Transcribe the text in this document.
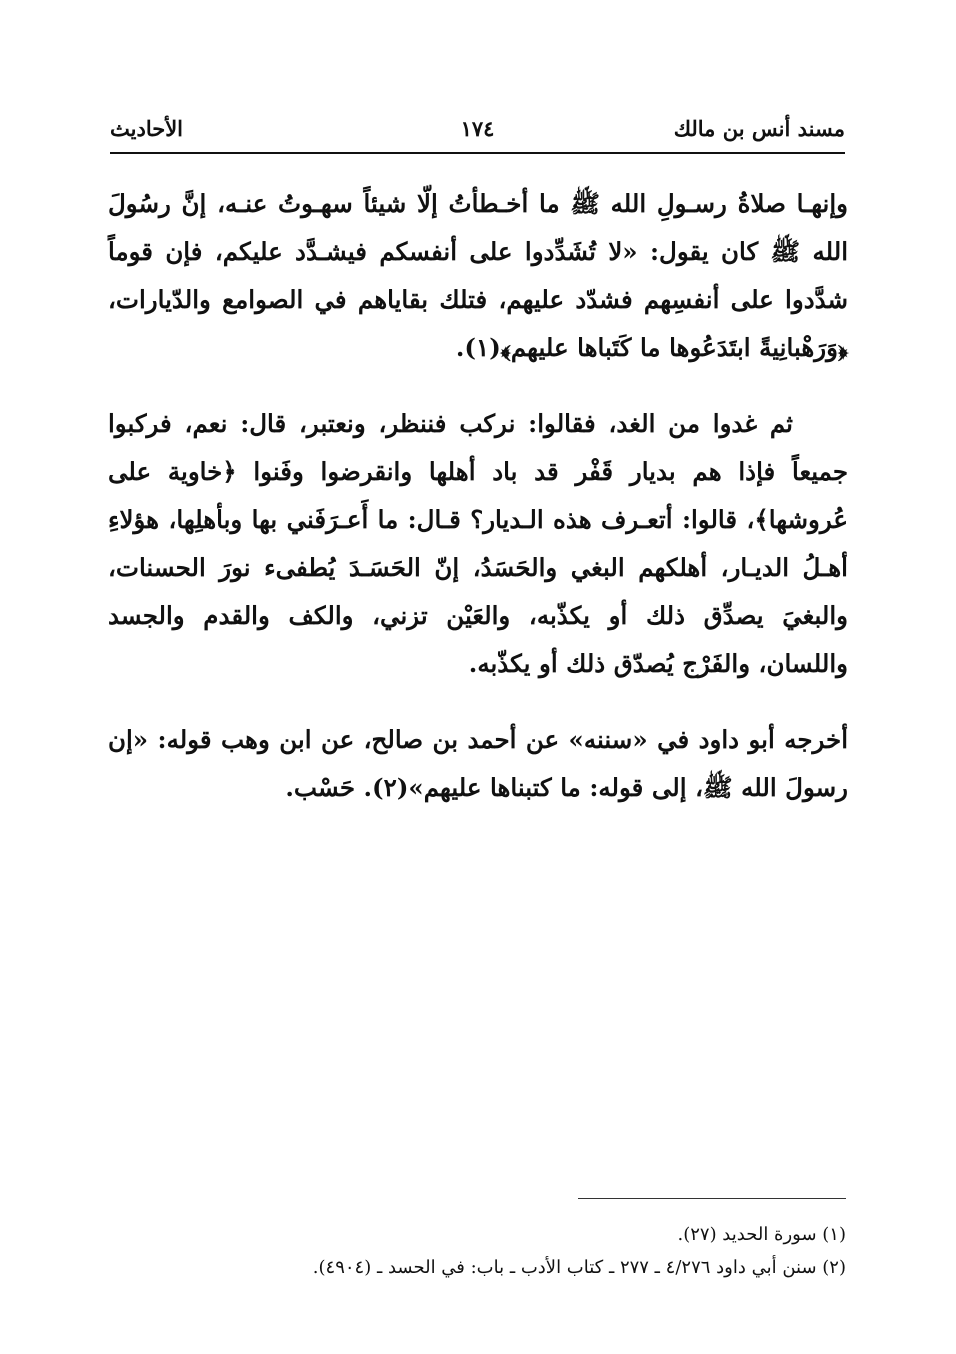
مسند أنس بن مالك
١٧٤
الأحاديث

وإنهـا صلاةُ رسـولِ الله ﷺ ما أخـطأتُ إلّا شيئاً سهـوتُ عنـه، إنَّ رسُولَ الله ﷺ كان يقول: «لا تُشَدِّدوا على أنفسكم فيشـدَّد عليكم، فإن قوماً شدَّدوا على أنفسِهم فشدّد عليهم، فتلك بقاياهم في الصوامع والدّيارات، ﴿وَرَهْبانِيةً ابتَدَعُوها ما كَتَباها عليهم﴾(١).

ثم غدوا من الغد، فقالوا: نركب فننظر، ونعتبر، قال: نعم، فركبوا جميعاً فإذا هم بديار قَفْر قد باد أهلها وانقرضوا وفَنوا ﴿خاوية على عُروشها﴾، قالوا: أتعـرف هذه الـديار؟ قـال: ما أَعـرَفَني بها وبأهلِها، هؤلاءِ أهـلُ الديـار، أهلكهم البغي والحَسَدُ، إنّ الحَسَـدَ يُطفىء نورَ الحسنات، والبغيَ يصدِّق ذلك أو يكذّبه، والعَيْن تزني، والكف والقدم والجسد واللسان، والفَرْج يُصدّق ذلك أو يكذّبه.

أخرجه أبو داود في «سننه» عن أحمد بن صالح، عن ابن وهب قوله: «إن رسولَ الله ﷺ، إلى قوله: ما كتبناها عليهم»(٢). حَسْب.

(١) سورة الحديد (٢٧).

(٢) سنن أبي داود ٤/٢٧٦ ـ ٢٧٧ ـ كتاب الأدب ـ باب: في الحسد ـ (٤٩٠٤).
